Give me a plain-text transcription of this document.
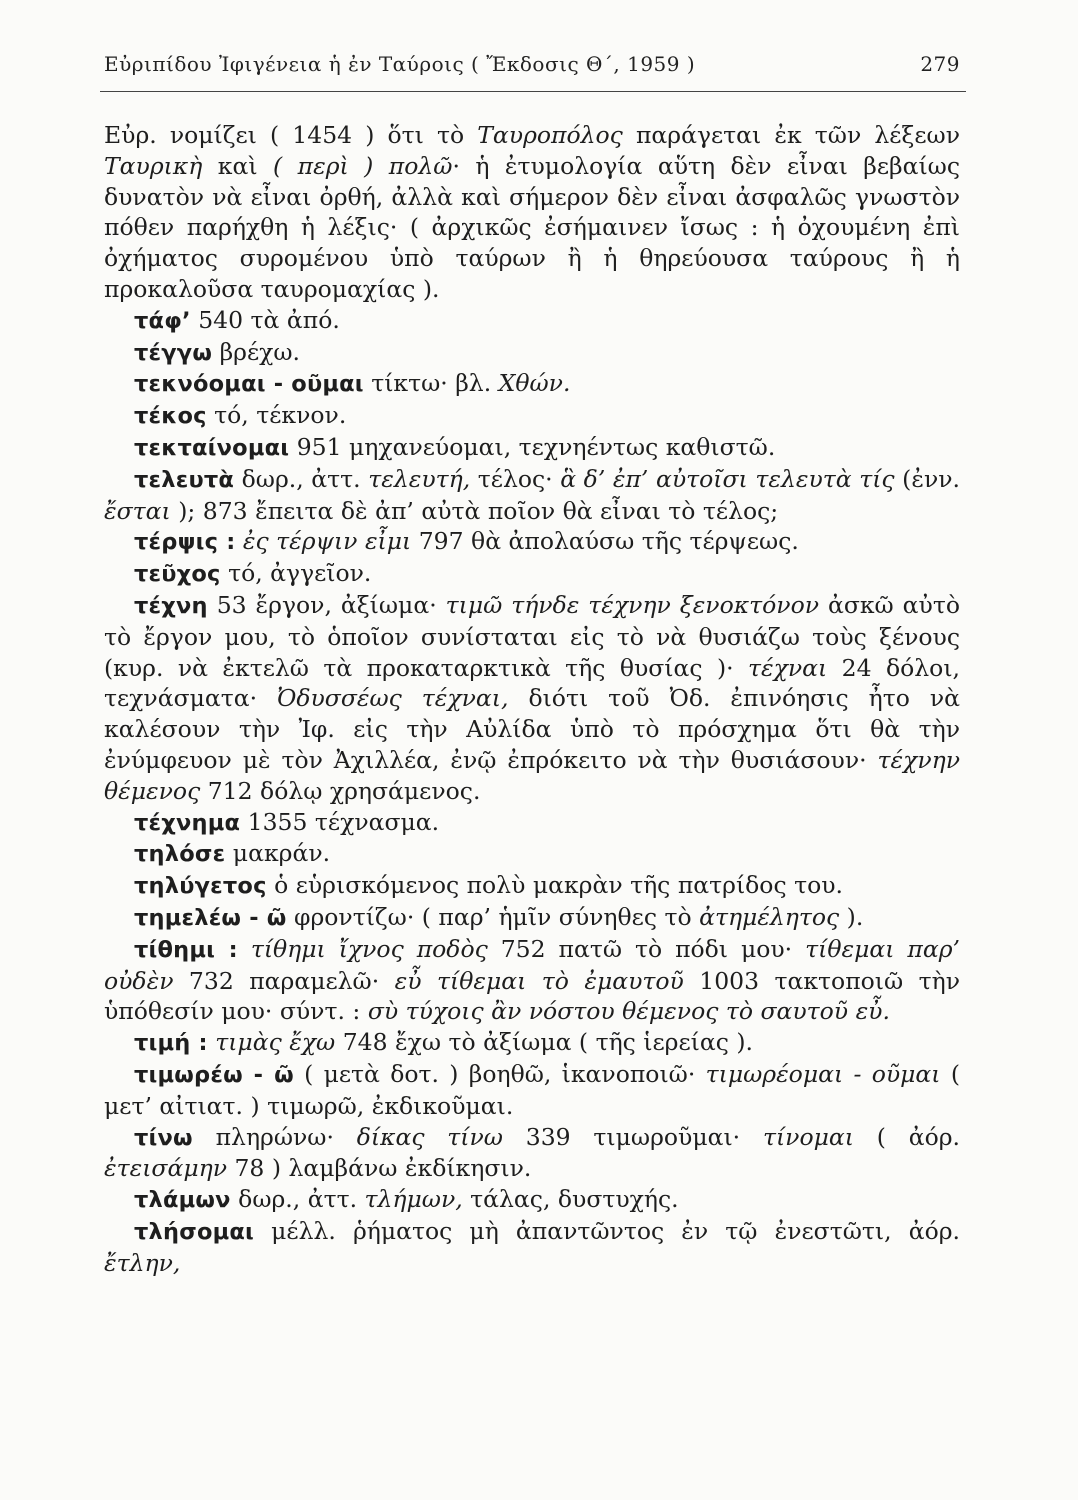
Εὐριπίδου Ἰφιγένεια ἡ ἐν Ταύροις ( Ἔκδοσις Θ΄, 1959 )	279

Εὐρ. νομίζει ( 1454 ) ὅτι τὸ Ταυροπόλος παράγεται ἐκ τῶν λέξεων Ταυρικὴ καὶ ( περὶ ) πολῶ· ἡ ἐτυμολογία αὕτη δὲν εἶναι βεβαίως δυνατὸν νὰ εἶναι ὀρθή, ἀλλὰ καὶ σήμερον δὲν εἶναι ἀσφαλῶς γνωστὸν πόθεν παρήχθη ἡ λέξις· ( ἀρχικῶς ἐσήμαινεν ἴσως : ἡ ὀχουμένη ἐπὶ ὀχήματος συρομένου ὑπὸ ταύρων ἢ ἡ θηρεύουσα ταύρους ἢ ἡ προκαλοῦσα ταυρομαχίας ).

τάφ’ 540 τὰ ἀπό.

τέγγω βρέχω.

τεκνόομαι - οῦμαι τίκτω· βλ. Χθών.

τέκος τό, τέκνον.

τεκταίνομαι 951 μηχανεύομαι, τεχνηέντως καθιστῶ.

τελευτὰ δωρ., ἀττ. τελευτή, τέλος· ἃ δ’ ἐπ’ αὐτοῖσι τελευτὰ τίς (ἐνν. ἔσται ); 873 ἔπειτα δὲ ἀπ’ αὐτὰ ποῖον θὰ εἶναι τὸ τέλος;

τέρψις : ἐς τέρψιν εἶμι 797 θὰ ἀπολαύσω τῆς τέρψεως.

τεῦχος τό, ἀγγεῖον.

τέχνη 53 ἔργον, ἀξίωμα· τιμῶ τήνδε τέχνην ξενοκτόνον ἀσκῶ αὐτὸ τὸ ἔργον μου, τὸ ὁποῖον συνίσταται εἰς τὸ νὰ θυσιάζω τοὺς ξένους (κυρ. νὰ ἐκτελῶ τὰ προκαταρκτικὰ τῆς θυσίας )· τέχναι 24 δόλοι, τεχνάσματα· Ὀδυσσέως τέχναι, διότι τοῦ Ὀδ. ἐπινόησις ἦτο νὰ καλέσουν τὴν Ἰφ. εἰς τὴν Αὐλίδα ὑπὸ τὸ πρόσχημα ὅτι θὰ τὴν ἐνύμφευον μὲ τὸν Ἀχιλλέα, ἐνῷ ἐπρόκειτο νὰ τὴν θυσιάσουν· τέχνην θέμενος 712 δόλῳ χρησάμενος.

τέχνημα 1355 τέχνασμα.

τηλόσε μακράν.

τηλύγετος ὁ εὑρισκόμενος πολὺ μακρὰν τῆς πατρίδος του.

τημελέω - ῶ φροντίζω· ( παρ’ ἡμῖν σύνηθες τὸ ἀτημέλητος ).

τίθημι : τίθημι ἴχνος ποδὸς 752 πατῶ τὸ πόδι μου· τίθεμαι παρ’ οὐδὲν 732 παραμελῶ· εὖ τίθεμαι τὸ ἐμαυτοῦ 1003 τακτοποιῶ τὴν ὑπόθεσίν μου· σύντ. : σὺ τύχοις ἂν νόστου θέμενος τὸ σαυτοῦ εὖ.

τιμή : τιμὰς ἔχω 748 ἔχω τὸ ἀξίωμα ( τῆς ἱερείας ).

τιμωρέω - ῶ ( μετὰ δοτ. ) βοηθῶ, ἱκανοποιῶ· τιμωρέομαι - οῦμαι ( μετ’ αἰτιατ. ) τιμωρῶ, ἐκδικοῦμαι.

τίνω πληρώνω· δίκας τίνω 339 τιμωροῦμαι· τίνομαι ( ἀόρ. ἐτεισάμην 78 ) λαμβάνω ἐκδίκησιν.

τλάμων δωρ., ἀττ. τλήμων, τάλας, δυστυχής.

τλήσομαι μέλλ. ῥήματος μὴ ἀπαντῶντος ἐν τῷ ἐνεστῶτι, ἀόρ. ἔτλην,
